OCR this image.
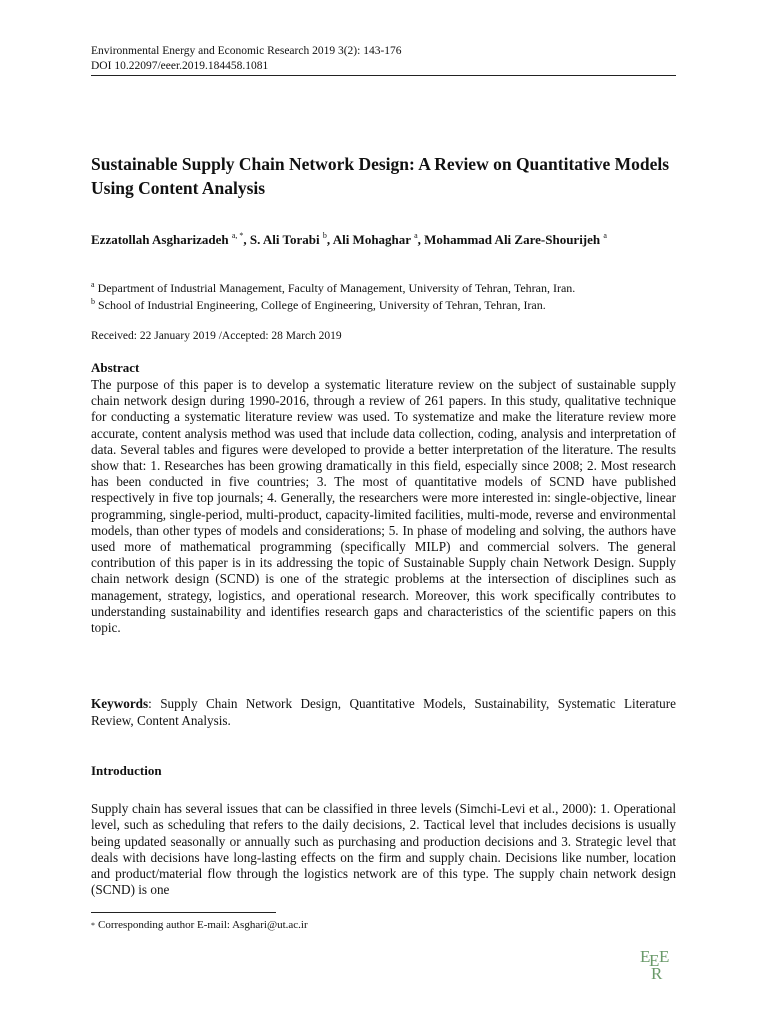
Environmental Energy and Economic Research 2019 3(2): 143-176
DOI 10.22097/eeer.2019.184458.1081
Sustainable Supply Chain Network Design: A Review on Quantitative Models Using Content Analysis
Ezzatollah Asgharizadeh $^{a, *}$, S. Ali Torabi $^b$, Ali Mohaghar $^a$, Mohammad Ali Zare-Shourijeh $^a$
$^a$ Department of Industrial Management, Faculty of Management, University of Tehran, Tehran, Iran.
$^b$ School of Industrial Engineering, College of Engineering, University of Tehran, Tehran, Iran.
Received: 22 January 2019 /Accepted: 28 March 2019
Abstract
The purpose of this paper is to develop a systematic literature review on the subject of sustainable supply chain network design during 1990-2016, through a review of 261 papers. In this study, qualitative technique for conducting a systematic literature review was used. To systematize and make the literature review more accurate, content analysis method was used that include data collection, coding, analysis and interpretation of data. Several tables and figures were developed to provide a better interpretation of the literature. The results show that: 1. Researches has been growing dramatically in this field, especially since 2008; 2. Most research has been conducted in five countries; 3. The most of quantitative models of SCND have published respectively in five top journals; 4. Generally, the researchers were more interested in: single-objective, linear programming, single-period, multi-product, capacity-limited facilities, multi-mode, reverse and environmental models, than other types of models and considerations; 5. In phase of modeling and solving, the authors have used more of mathematical programming (specifically MILP) and commercial solvers. The general contribution of this paper is in its addressing the topic of Sustainable Supply chain Network Design. Supply chain network design (SCND) is one of the strategic problems at the intersection of disciplines such as management, strategy, logistics, and operational research. Moreover, this work specifically contributes to understanding sustainability and identifies research gaps and characteristics of the scientific papers on this topic.
Keywords: Supply Chain Network Design, Quantitative Models, Sustainability, Systematic Literature Review, Content Analysis.
Introduction
Supply chain has several issues that can be classified in three levels (Simchi-Levi et al., 2000): 1. Operational level, such as scheduling that refers to the daily decisions, 2. Tactical level that includes decisions is usually being updated seasonally or annually such as purchasing and production decisions and 3. Strategic level that deals with decisions have long-lasting effects on the firm and supply chain. Decisions like number, location and product/material flow through the logistics network are of this type. The supply chain network design (SCND) is one
* Corresponding author E-mail: Asghari@ut.ac.ir
E
E E
R
